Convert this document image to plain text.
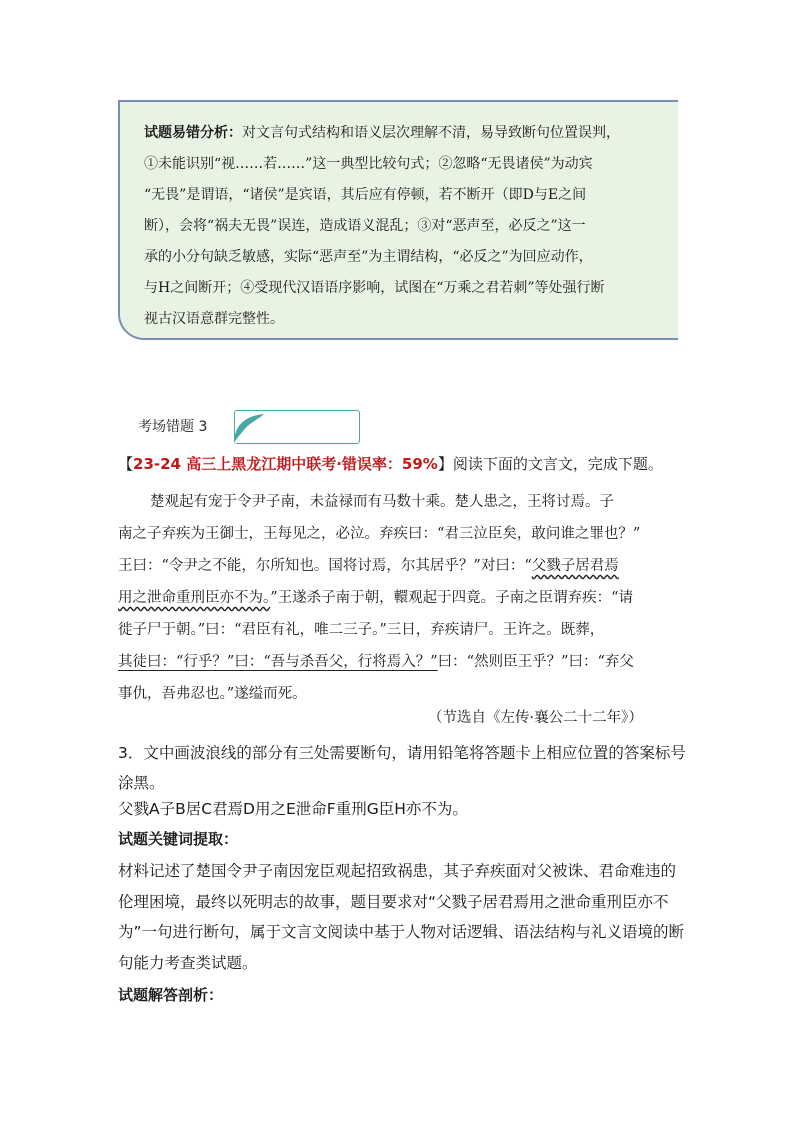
试题易错分析：对文言句式结构和语义层次理解不清，易导致断句位置误判，
①未能识别“视……若……”这一典型比较句式；②忽略“无畏诸侯”为动宾
“无畏”是谓语，“诸侯”是宾语，其后应有停顿，若不断开（即D与E之间
断），会将“祸夫无畏”误连，造成语义混乱；③对“恶声至，必反之”这一
承的小分句缺乏敏感，实际“恶声至”为主谓结构，“必反之”为回应动作，
与H之间断开；④受现代汉语语序影响，试图在“万乘之君若刺”等处强行断
视古汉语意群完整性。
考场错题 3
【23-24 高三上黑龙江期中联考·错误率：59%】阅读下面的文言文，完成下题。
楚观起有宠于令尹子南，未益禄而有马数十乘。楚人患之，王将讨焉。子
南之子弃疾为王御士，王每见之，必泣。弃疾曰：“君三泣臣矣，敢问谁之罪也？”
王曰：“令尹之不能，尔所知也。国将讨焉，尔其居乎？”对曰：“父戮子居君焉
用之泄命重刑臣亦不为。”王遂杀子南于朝，轘观起于四竟。子南之臣谓弃疾：“请
徙子尸于朝。”曰：“君臣有礼，唯二三子。”三日，弃疾请尸。王许之。既葬，
其徒曰：“行乎？”曰：“吾与杀吾父，行将焉入？”曰：“然则臣王乎？”曰：“弃父
事仇，吾弗忍也。”遂缢而死。
（节选自《左传·襄公二十二年》）
3．文中画波浪线的部分有三处需要断句，请用铅笔将答题卡上相应位置的答案标号涂黑。
父戮A子B居C君焉D用之E泄命F重刑G臣H亦不为。
试题关键词提取：
材料记述了楚国令尹子南因宠臣观起招致祸患，其子弃疾面对父被诛、君命难违的伦理困境，最终以死明志的故事，题目要求对“父戮子居君焉用之泄命重刑臣亦不为”一句进行断句，属于文言文阅读中基于人物对话逻辑、语法结构与礼义语境的断句能力考查类试题。
试题解答剖析：
